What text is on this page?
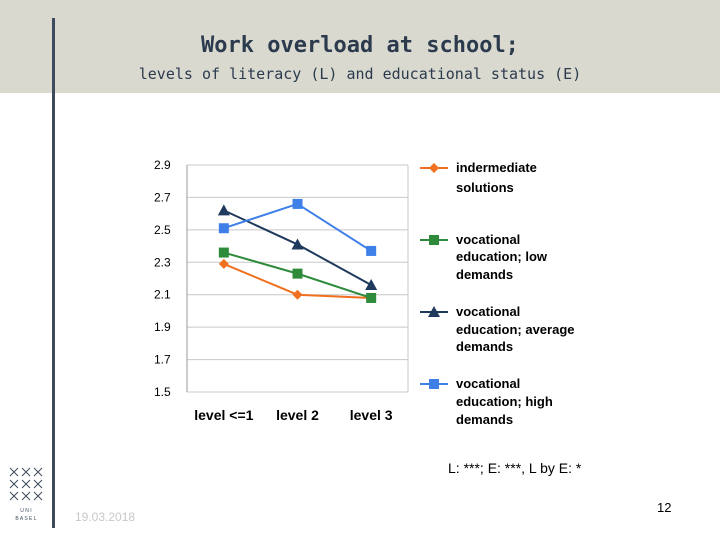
Work overload at school;
levels of literacy (L) and educational status (E)
2.9
2.7
2.5
2.3
2.1
1.9
1.7
1.5
level <=1 level 2 level 3
indermediate solutions
vocational education; low demands
vocational education; average demands
vocational education; high demands
L: ***; E: ***, L by E: *
12
19.03.2018
U N I
B A S E L
